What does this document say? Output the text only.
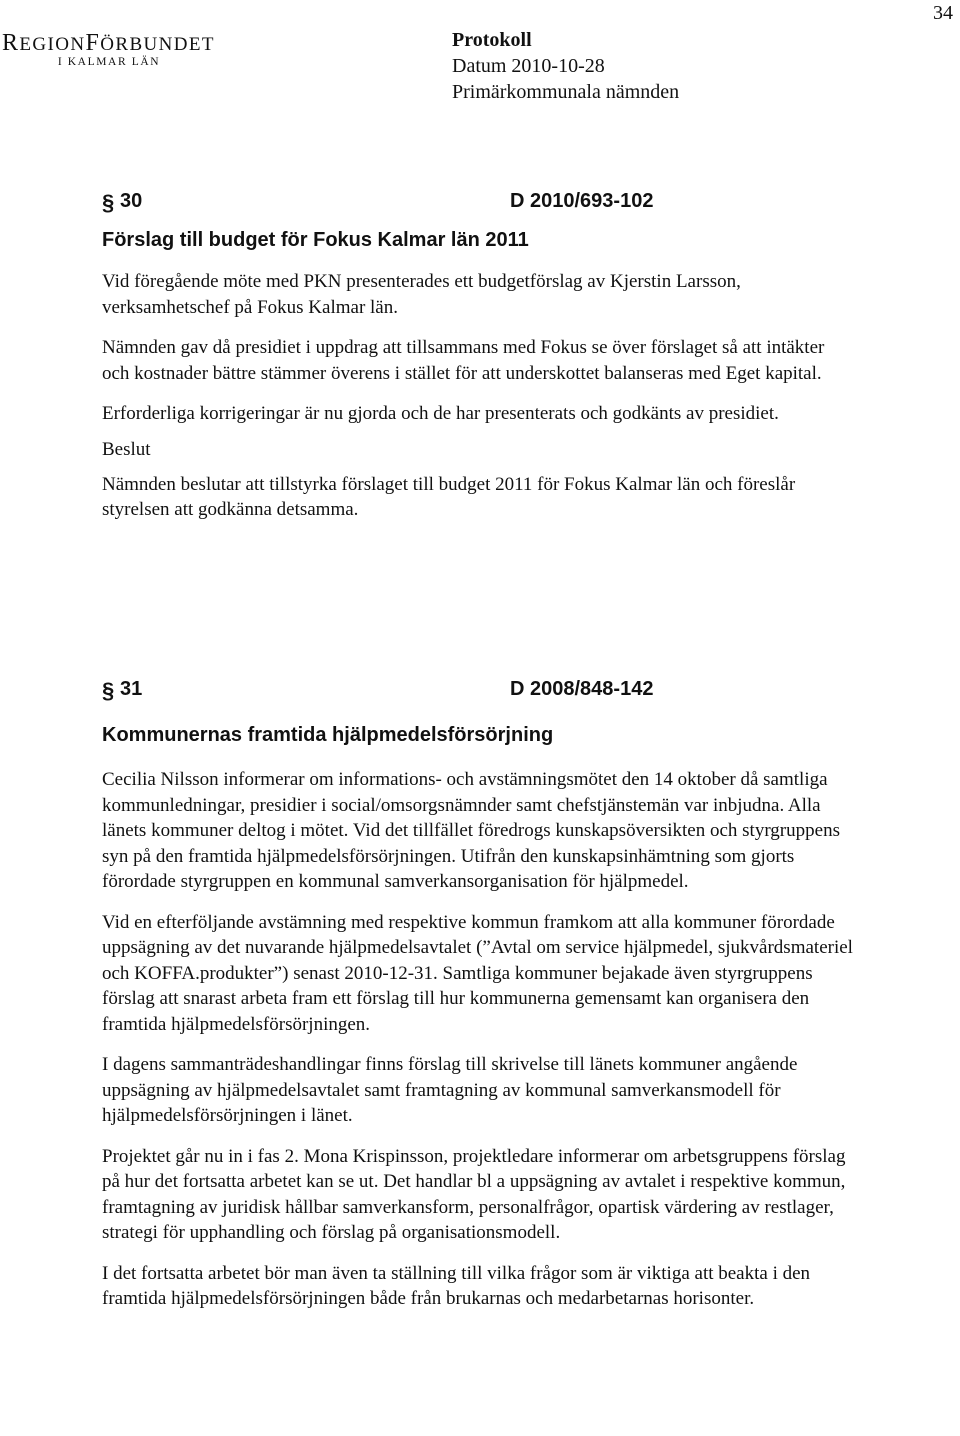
34
REGIONFÖRBUNDET
I KALMAR LÄN
Protokoll
Datum 2010-10-28
Primärkommunala nämnden
§ 30	D 2010/693-102
Förslag till budget för Fokus Kalmar län 2011

Vid föregående möte med PKN presenterades ett budgetförslag av Kjerstin Larsson, verksamhetschef på Fokus Kalmar län.

Nämnden gav då presidiet i uppdrag att tillsammans med Fokus se över förslaget så att intäkter och kostnader bättre stämmer överens i stället för att underskottet balanseras med Eget kapital.

Erforderliga korrigeringar är nu gjorda och de har presenterats och godkänts av presidiet.

Beslut

Nämnden beslutar att tillstyrka förslaget till budget 2011 för Fokus Kalmar län och föreslår styrelsen att godkänna detsamma.

§ 31	D 2008/848-142
Kommunernas framtida hjälpmedelsförsörjning

Cecilia Nilsson informerar om informations- och avstämningsmötet den 14 oktober då samtliga kommunledningar, presidier i social/omsorgsnämnder samt chefstjänstemän var inbjudna. Alla länets kommuner deltog i mötet. Vid det tillfället föredrogs kunskapsöversikten och styrgruppens syn på den framtida hjälpmedelsförsörjningen. Utifrån den kunskapsinhämtning som gjorts förordade styrgruppen en kommunal samverkansorganisation för hjälpmedel.

Vid en efterföljande avstämning med respektive kommun framkom att alla kommuner förordade uppsägning av det nuvarande hjälpmedelsavtalet (”Avtal om service hjälpmedel, sjukvårdsmateriel och KOFFA.produkter”) senast 2010-12-31. Samtliga kommuner bejakade även styrgruppens förslag att snarast arbeta fram ett förslag till hur kommunerna gemensamt kan organisera den framtida hjälpmedelsförsörjningen.

I dagens sammanträdeshandlingar finns förslag till skrivelse till länets kommuner angående uppsägning av hjälpmedelsavtalet samt framtagning av kommunal samverkansmodell för hjälpmedelsförsörjningen i länet.

Projektet går nu in i fas 2. Mona Krispinsson, projektledare informerar om arbetsgruppens förslag på hur det fortsatta arbetet kan se ut. Det handlar bl a uppsägning av avtalet i respektive kommun, framtagning av juridisk hållbar samverkansform, personalfrågor, opartisk värdering av restlager, strategi för upphandling och förslag på organisationsmodell.

I det fortsatta arbetet bör man även ta ställning till vilka frågor som är viktiga att beakta i den framtida hjälpmedelsförsörjningen både från brukarnas och medarbetarnas horisonter.
